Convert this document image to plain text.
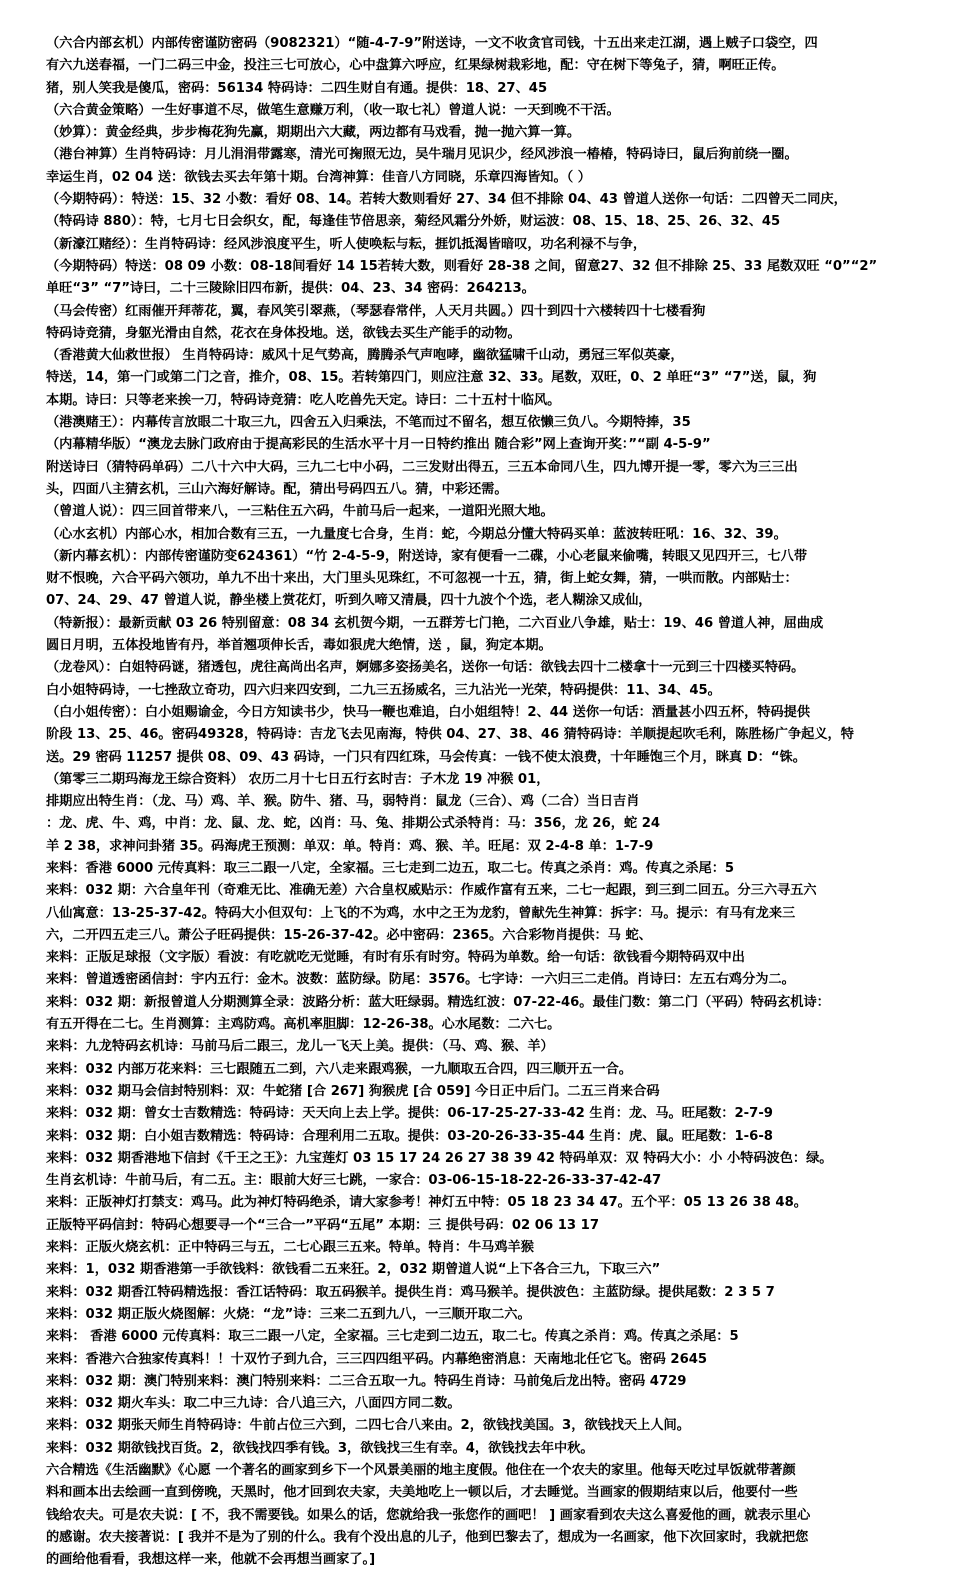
（六合内部玄机）内部传密谨防密码（9082321）“随-4-7-9”附送诗，一文不收贪官司钱，十五出来走江湖，遇上贼子口袋空，四
有六九送春福，一门二码三中金，投注三七可放心，心中盘算六呼应，红果绿树栽彩地，配：守在树下等兔子，猜，啊旺正传。
猪，别人笑我是傻瓜，密码：56134 特码诗：二四生财自有通。提供：18、27、45
（六合黄金策略）一生好事道不尽，做笔生意赚万利，（收一取七礼）曾道人说：一天到晚不干活。
（妙算）：黄金经典，步步梅花狗先赢，期期出六大藏，两边都有马戏看，抛一抛六算一算。
（港台神算）生肖特码诗：月儿涓涓带露寒，清光可掬照无边，吴牛瑞月见识少，经风涉浪一椿椿，特码诗曰，鼠后狗前绕一圈。
幸运生肖，02 04 送：欲钱去买去年第十期。台湾神算：佳音八方同晓，乐章四海皆知。（ ）
（今期特码）：特送：15、32 小数：看好 08、14。若转大数则看好 27、34 但不排除 04、43 曾道人送你一句话：二四曾天二同庆，
（特码诗 880）：特，七月七日会织女，配，每逢佳节倍思亲，菊经风霜分外娇，财运波：08、15、18、25、26、32、45
（新濠江赌经）：生肖特码诗：经风涉浪度平生，听人使唤耘与耘，捱饥抵渴皆暗叹，功名利禄不与争，
（今期特码）特送：08 09 小数：08-18间看好 14 15若转大数，则看好 28-38 之间，留意27、32 但不排除 25、33 尾数双旺 “0”“2”
单旺“3” “7”诗曰，二十三陵除旧四布新，提供：04、23、34 密码：264213。
（马会传密）红雨催开拜蒂花，翼，春风笑引翠燕，（琴瑟春常伴，人天月共圆。）四十到四十六楼转四十七楼看狗
特码诗竞猜，身躯光滑由自然，花衣在身体投地。送，欲钱去买生产能手的动物。
（香港黄大仙救世报） 生肖特码诗：威风十足气势高，腾腾杀气声咆哮，幽欲猛啸千山动，勇冠三军似英豪，
特送，14，第一门或第二门之音，推介，08、15。若转第四门，则应注意 32、33。尾数，双旺，0、2 单旺“3” “7”送，鼠，狗
本期。诗曰：只等老来挨一刀，特码诗竞猜：吃人吃兽先天定。诗曰：二十五村十临风。
（港澳赌王）：内幕传言放眼二十取三九，四舍五入归乘法，不笔而过不留名，想互依懒三负八。今期特捧，35
（内幕精华版）“澳龙去脉门政府由于提高彩民的生活水平十月一日特约推出 随合彩”网上查询开奖：”“副 4-5-9”
附送诗曰（猜特码单码）二八十六中大码，三九二七中小码，二三发财出得五，三五本命同八生，四九博开提一零，零六为三三出
头，四面八主猜玄机，三山六海好解诗。配，猜出号码四五八。猜，中彩还需。
（曾道人说）：四三回首带来八，一三粘住五六码，牛前马后一起来，一道阳光照大地。
（心水玄机）内部心水，相加合数有三五，一九量度七合身，生肖：蛇，今期总分懂大特码买单：蓝波转旺吼：16、32、39。
（新内幕玄机）：内部传密谨防变624361）“竹 2-4-5-9，附送诗，家有便看一二碟，小心老鼠来偷嘴，转眼又见四开三，七八带
财不恨晚，六合平码六领功，单九不出十来出，大门里头见珠红，不可忽视一十五，猜，街上蛇女舞，猜，一哄而散。内部贴士：
07、24、29、47 曾道人说，静坐楼上赏花灯，听到久啼又清晨，四十九波个个选，老人糊涂又成仙，
（特新报）：最新贡献 03 26 特别留意：08 34 玄机贺今期，一五群芳七门艳，二六百业八争雄，贴士：19、46 曾道人神，屈曲成
圆日月明，五体投地皆有丹，举首翘项伸长舌，毒如狠虎大绝情，送 ，鼠，狗定本期。
（龙卷风）：白姐特码谜，猪透包，虎往高尚出名声，婀娜多姿扬美名，送你一句话：欲钱去四十二楼拿十一元到三十四楼买特码。
白小姐特码诗，一七挫敌立奇功，四六归来四安到，二九三五扬威名，三九沾光一光荣，特码提供：11、34、45。
（白小姐传密）：白小姐赐谕金，今日方知读书少，快马一鞭也难追，白小姐组特！2、44 送你一句话：酒量甚小四五杯，特码提供
阶段 13、25、46。密码49328，特码诗：吉龙飞去见南海，特供 04、27、38、46 猜特码诗：羊顺提起吹毛利，陈胜杨广争起义，特
送。29 密码 11257 提供 08、09、43 码诗，一门只有四红珠，马会传真：一钱不使太浪费，十年睡饱三个月，眯真 D：“铢。
（第零三二期玛海龙王综合资料） 农历二月十七日五行玄时吉：子木龙 19 冲猴 01，
排期应出特生肖：（龙、马）鸡、羊、猴。防牛、猪、马，弱特肖：鼠龙（三合）、鸡（二合）当日吉肖
：龙、虎、牛、鸡，中肖：龙、鼠、龙、蛇，凶肖：马、兔、排期公式杀特肖：马：356，龙 26，蛇 24
羊 2 38，求神问卦猪 35。码海虎王预测：单双：单。特肖：鸡、猴、羊。旺尾：双 2-4-8 单：1-7-9
来料：香港 6000 元传真料：取三二跟一八定，全家福。三七走到二边五，取二七。传真之杀肖：鸡。传真之杀尾：5
来料：032 期：六合皇年刊（奇难无比、准确无差）六合皇权威贴示：作威作富有五来，二七一起跟，到三到二回五。分三六寻五六
八仙寓意：13-25-37-42。特码大小但双句：上飞的不为鸡，水中之王为龙豹，曾献先生神算：拆字：马。提示：有马有龙来三
六，二开四五走三八。萧公子旺码提供：15-26-37-42。必中密码：2365。六合彩物肖提供：马 蛇、
来料：正版足球报（文字版）看波：有吃就吃无觉睡，有时有乐有时穷。特码为单数。给一句话：欲钱看今期特码双中出
来料：曾道透密函信封：宇内五行：金木。波数：蓝防绿。防尾：3576。七字诗：一六归三二走俏。肖诗曰：左五右鸡分为二。
来料：032 期：新报曾道人分期测算全录：波路分析：蓝大旺绿弱。精选红波：07-22-46。最佳门数：第二门（平码）特码玄机诗：
有五开得在二七。生肖测算：主鸡防鸡。高机率胆脚：12-26-38。心水尾数：二六七。
来料：九龙特码玄机诗：马前马后二跟三，龙儿一飞天上美。提供：（马、鸡、猴、羊）
来料：032 内部万花来料：三七跟随五二到，六八走来跟鸡猴，一九顺取五合四，四三顺开五一合。
来料：032 期马会信封特别料：双：牛蛇猪 [合 267] 狗猴虎 [合 059] 今日正中后门。二五三肖来合码
来料：032 期：曾女士吉数精选：特码诗：天天向上去上学。提供：06-17-25-27-33-42 生肖：龙、马。旺尾数：2-7-9
来料：032 期：白小姐吉数精选：特码诗：合理利用二五取。提供：03-20-26-33-35-44 生肖：虎、鼠。旺尾数：1-6-8
来料：032 期香港地下信封《千王之王》：九宝莲灯 03 15 17 24 26 27 38 39 42 特码单双：双 特码大小：小 小特码波色：绿。
生肖玄机诗：牛前马后，有二五。主：眼前大好三七跳，一家合：03-06-15-18-22-26-33-37-42-47
来料：正版神灯打禁支：鸡马。此为神灯特码绝杀，请大家参考！神灯五中特：05 18 23 34 47。五个平：05 13 26 38 48。
正版特平码信封：特码心想要寻一个“三合一”平码“五尾” 本期：三 提供号码：02 06 13 17
来料：正版火烧玄机：正中特码三与五，二七心跟三五来。特单。特肖：牛马鸡羊猴
来料：1，032 期香港第一手欲钱料：欲钱看二五来狂。2，032 期曾道人说“上下各合三九，下取三六”
来料：032 期香江特码精选报：香江话特码：取五码猴羊。提供生肖：鸡马猴羊。提供波色：主蓝防绿。提供尾数：2 3 5 7
来料：032 期正版火烧图解：火烧：“龙”诗：三来二五到九八，一三顺开取二六。
来料： 香港 6000 元传真料：取三二跟一八定，全家福。三七走到二边五，取二七。传真之杀肖：鸡。传真之杀尾：5
来料：香港六合独家传真料！！十双竹子到九合，三三四四组平码。内幕绝密消息：天南地北任它飞。密码 2645
来料：032 期：澳门特别来料：澳门特别来料：二三合五取一九。特码生肖诗：马前兔后龙出特。密码 4729
来料：032 期火车头：取二中三九诗：合八追三六，八面四方同二数。
来料：032 期张天师生肖特码诗：牛前占位三六到，二四七合八来由。2，欲钱找美国。3，欲钱找天上人间。
来料：032 期欲钱找百货。2，欲钱找四季有钱。3，欲钱找三生有幸。4，欲钱找去年中秋。
六合精选《生活幽默》《心愿 一个著名的画家到乡下一个风景美丽的地主度假。他住在一个农夫的家里。他每天吃过早饭就带著颜
料和画本出去绘画一直到傍晚，天黑时，他才回到农夫家，夫美地吃上一顿以后，才去睡觉。当画家的假期结束以后，他要付一些
钱给农夫。可是农夫说：[ 不，我不需要钱。如果么的话，您就给我一张您作的画吧！ ] 画家看到农夫这么喜爱他的画，就表示里心
的感谢。农夫接著说：[ 我并不是为了别的什么。我有个没出息的儿子，他到巴黎去了，想成为一名画家，他下次回家时，我就把您
的画给他看看，我想这样一来，他就不会再想当画家了。]
